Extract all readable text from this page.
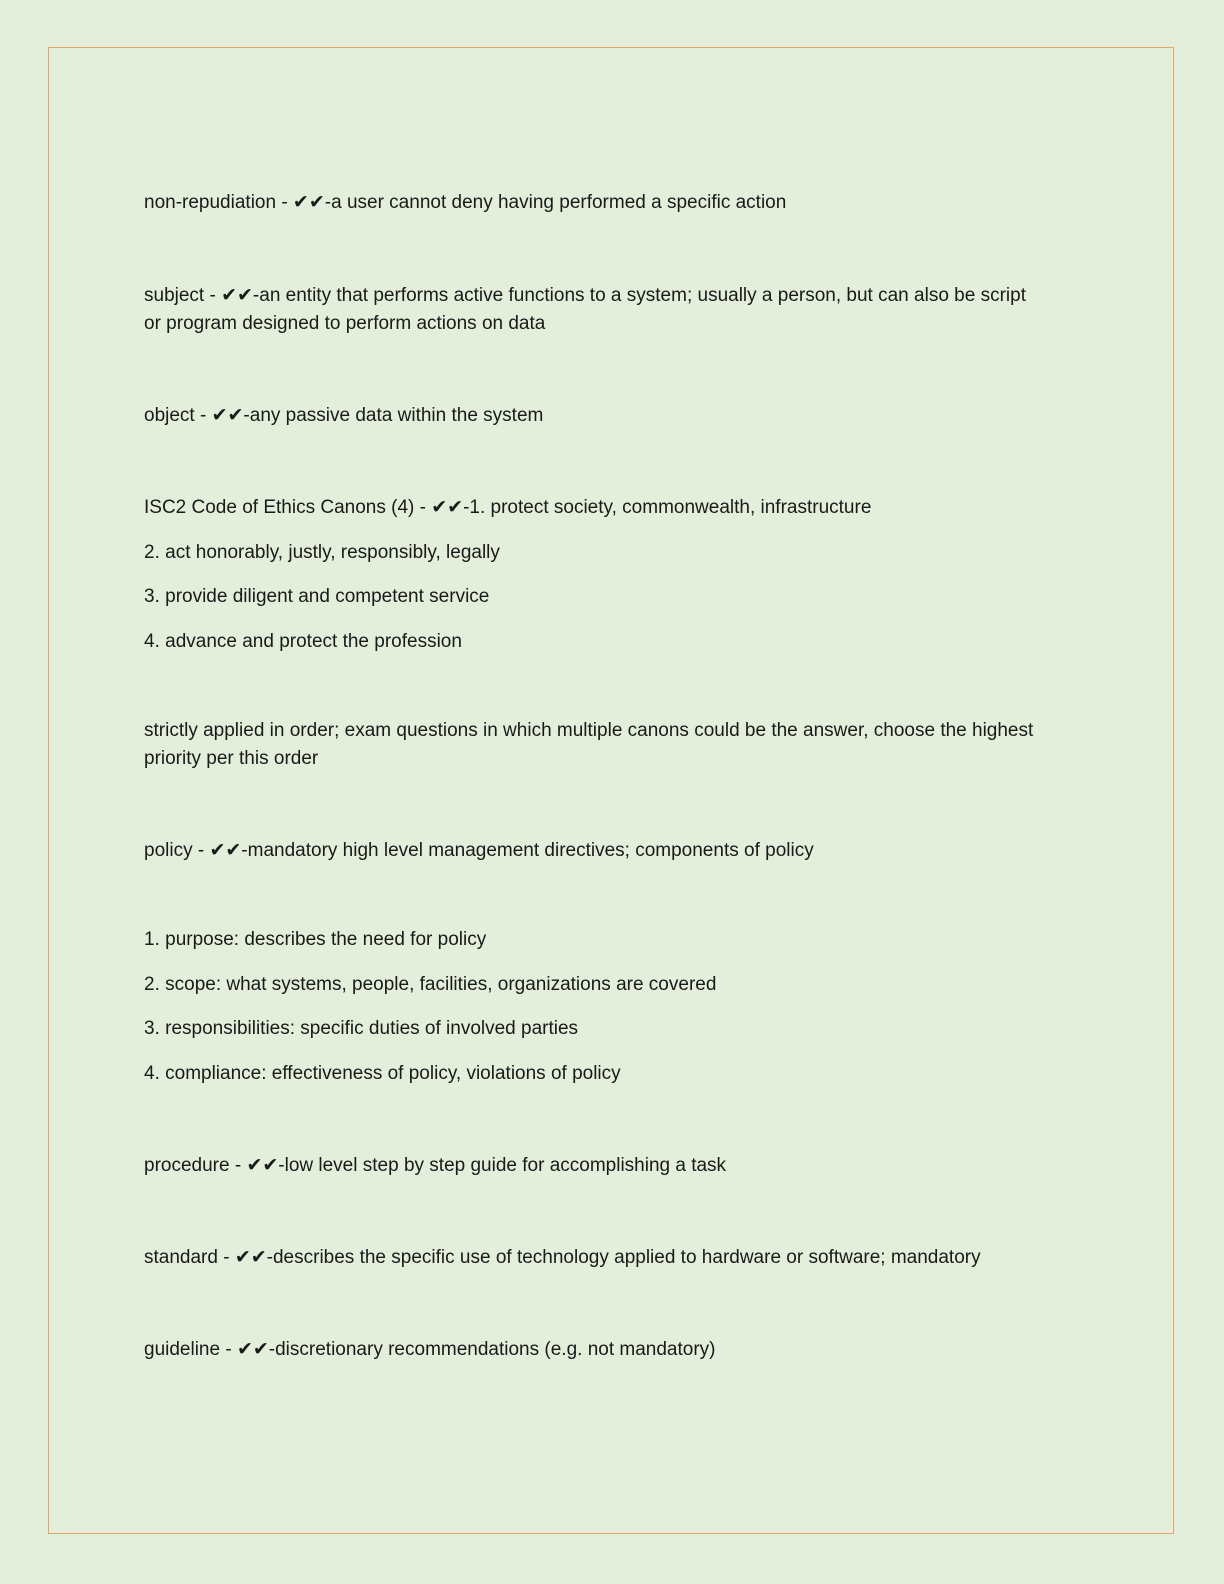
non-repudiation - ✔✔-a user cannot deny having performed a specific action

subject - ✔✔-an entity that performs active functions to a system; usually a person, but can also be script or program designed to perform actions on data

object - ✔✔-any passive data within the system

ISC2 Code of Ethics Canons (4) - ✔✔-1. protect society, commonwealth, infrastructure

2. act honorably, justly, responsibly, legally

3. provide diligent and competent service

4. advance and protect the profession

strictly applied in order; exam questions in which multiple canons could be the answer, choose the highest priority per this order

policy - ✔✔-mandatory high level management directives; components of policy

1. purpose: describes the need for policy

2. scope: what systems, people, facilities, organizations are covered

3. responsibilities: specific duties of involved parties

4. compliance: effectiveness of policy, violations of policy

procedure - ✔✔-low level step by step guide for accomplishing a task

standard - ✔✔-describes the specific use of technology applied to hardware or software; mandatory

guideline - ✔✔-discretionary recommendations (e.g. not mandatory)
